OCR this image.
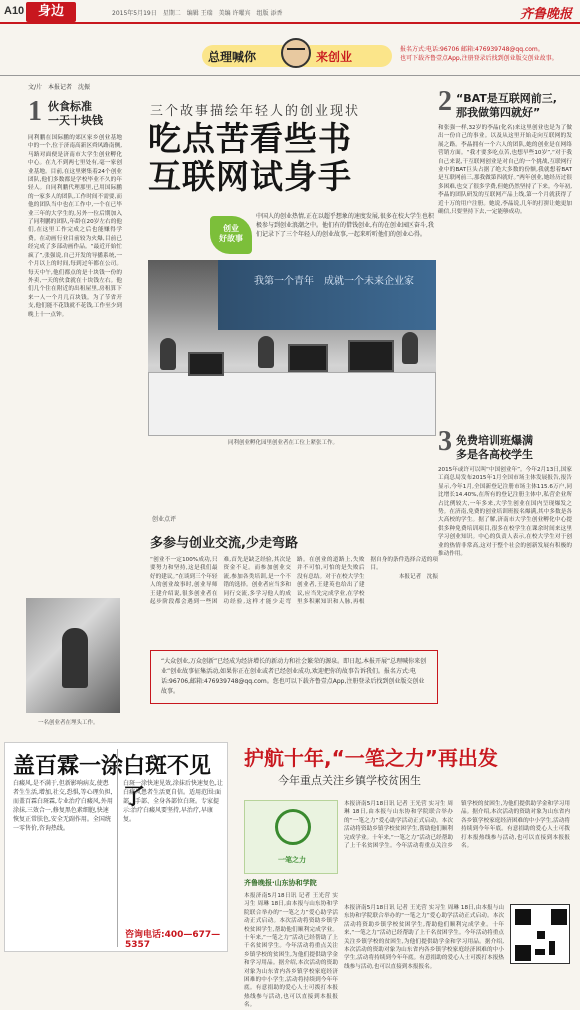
A10	身边	2015年5月19日　星期二　编辑 王瑞　美编 许曜宾　组版 添香	齐鲁晚报
总理喊你	来创业
报名方式:电话:96706 邮箱:476939748@qq.com。
也可下载齐鲁壹点App,注册登录后找到创业版交创业故事。
文/片　本报记者　沈振
1 伙食标准
一天十块钱
同利鹏在国际鹏的郊区家乡创业基地中的一个,位于济南高新区舜风路南侧,马路对面便是济南市大学生创业孵化中心。在九不到两七里处有,毫一家创业基地。目前,在这里聚集着24个创业团队,他们多数都是学校毕业不久的年轻人。自同利鹏代理那里,已用国际鹏的一家多人的团队,工作时间不需要,而他的团队当中也在工作中,一个在已毕业三年的大学生的,另外一位后期加入了同利鹏的团队,年龄在20岁左右的他们,在这里工作完成之后也能赚得学费。在动画行业目前较为火爆,目前已经完成了多部动画作品。“最近开始忙疯了”,张强说,自己开发的导播系统,一个月以上的时间,每到过年都在公司。每天中午,他们都点的是十块钱一份的外卖,一天的伙食就在十块钱左右。他们几个住在附近的出租屋里,房租算下来一人一个月几百块钱。为了节省开支,他们能不花钱就不花钱,工作至少到晚上十一点钟。
一名创业者在埋头工作。
三个故事描绘年轻人的创业现状
吃点苦看些书
互联网试身手
创业
好故事
中国人的创业热情,正在以超乎想象的速度发展,很多在校大学生也积极参与到创业浪潮之中。他们有的借钱创业,有的在创业园区奋斗,我们记录下了三个年轻人的创业故事,一起来听听他们的创业心得。
我第一个青年　成就一个未来企业家
同利创业孵化园里创业者在工位上紧张工作。
创业点评
多参与创业交流,少走弯路
“创业不一定100%成功,只要努力和坚持,这是我们最好的建议。”在谈到三个年轻人的创业故事时,创业导师王建介绍说,很多创业者在起步阶段都会遇到一些困难,首先是缺乏经验,其次是资金不足。而参加创业交流,参加各类培训,是一个不错的选择。创业者应当多和同行交流,多学习他人的成功经验,这样才能少走弯路。在创业的道路上,失败并不可怕,可怕的是失败后没有总结。对于在校大学生创业者,王建英也给出了建议,应当先完成学业,在学校里多积累知识和人脉,再根据自身的条件选择合适的项目。
本报记者　沈振

“大众创业,万众创新”已经成为经济增长的新动力和社会繁荣的源泉。即日起,本报开展“总理喊你来创业”创业故事征集活动,如果你正在创业或者已经创业成功,欢迎把你的故事告诉我们。报名方式:电话:96706,邮箱:476939748@qq.com。您也可以下载齐鲁壹点App,注册登录后找到创业版交创业故事。

2 “BAT是互联网前三,
那我做第四就好”
和张强一样,32岁的李晶(化名)来这里创业也是为了做出一份自己的事业。以及从这里开始走向互联网的发展之路。李晶拥有一个六人的团队,她的创业是在网络营销方面。“我才要多吃点苦,也想早些10岁”,“对于我自己来说,干互联网创业是对自己的一个挑战,互联网行业中的BAT巨头占据了绝大多数的份额,我就想着BAT是互联网前三,那我做第四就好。”两年创业,她经历过很多困难,也交了很多学费,但她仍然坚持了下来。今年初,李晶的团队研发的互联网产品上线,第一个月就获得了近十万的用户注册。她说,李晶说,几年的打拼让她更加确信,只要坚持下去,一定能够成功。
3 免费培训班爆满
多是各高校学生
2015年或许可以叫“中国创业年”。今年2月13日,国家工商总局发布2015年1月全国市场主体发展报告,报告显示,今年1月,全国新登记注册市场主体115.6万户,同比增长14.40%,在所有的登记注册主体中,私营企业所占比例较大,一年多来,大学生创业在国内呈现爆发之势。在济南,免费的创业培训班报名爆满,其中多数是各大高校的学生。据了解,济南市大学生创业孵化中心提供多种免费培训项目,很多在校学生在课余时间来这里学习创业知识。中心的负责人表示,在校大学生对于创业的热情非常高,这对于整个社会的创新发展有积极的推动作用。
盖百霖一涂 白斑不见了
白癜风,是不满于,但新影响病友,使患者生生活,增加,社交,恐惧,等心理负担,而盖百霖白斑霖,专业治疗白癜风,外用涂抹,三效合一,修复黑色素细胞,快速恢复正常肤色,安全无副作用。全国统一零售价,咨询热线。
白斑一涂快速见效,涂抹后快速复色,让白癜风患者生活更自信。适用范围:面部、手部、全身各部位白斑。专家提示:治疗白癜风要坚持,早治疗,早康复。
咨询电话:400—677—5357
护航十年,“一笔之力”再出发
今年重点关注乡镇学校贫困生
一笔之力
齐鲁晚报·山东协和学院
本报济南5月18日讯 记者 王光营 实习生 周琳 18日,由本报与山东协和学院联合举办的“一笔之力”爱心助学活动正式启动。本次活动将资助乡镇学校贫困学生,帮助他们顺利完成学业。十年来,“一笔之力”活动已经帮助了上千名贫困学生。今年活动将重点关注乡镇学校的贫困生,为他们提供助学金和学习用品。据介绍,本次活动的资助对象为山东省内各乡镇学校家庭经济困难的中小学生,活动将持续到今年年底。有意捐助的爱心人士可拨打本报热线参与活动,也可以直接到本报报名。
本报济南5月18日讯 记者 王光营 实习生 周琳 18日,由本报与山东协和学院联合举办的“一笔之力”爱心助学活动正式启动。本次活动将资助乡镇学校贫困学生,帮助他们顺利完成学业。十年来,“一笔之力”活动已经帮助了上千名贫困学生。今年活动将重点关注乡镇学校的贫困生,为他们提供助学金和学习用品。据介绍,本次活动的资助对象为山东省内各乡镇学校家庭经济困难的中小学生,活动将持续到今年年底。有意捐助的爱心人士可拨打本报热线参与活动,也可以直接到本报报名。
本报济南5月18日讯 记者 王光营 实习生 周琳 18日,由本报与山东协和学院联合举办的“一笔之力”爱心助学活动正式启动。本次活动将资助乡镇学校贫困学生,帮助他们顺利完成学业。十年来,“一笔之力”活动已经帮助了上千名贫困学生。今年活动将重点关注乡镇学校的贫困生,为他们提供助学金和学习用品。据介绍,本次活动的资助对象为山东省内各乡镇学校家庭经济困难的中小学生,活动将持续到今年年底。有意捐助的爱心人士可拨打本报热线参与活动,也可以直接到本报报名。
